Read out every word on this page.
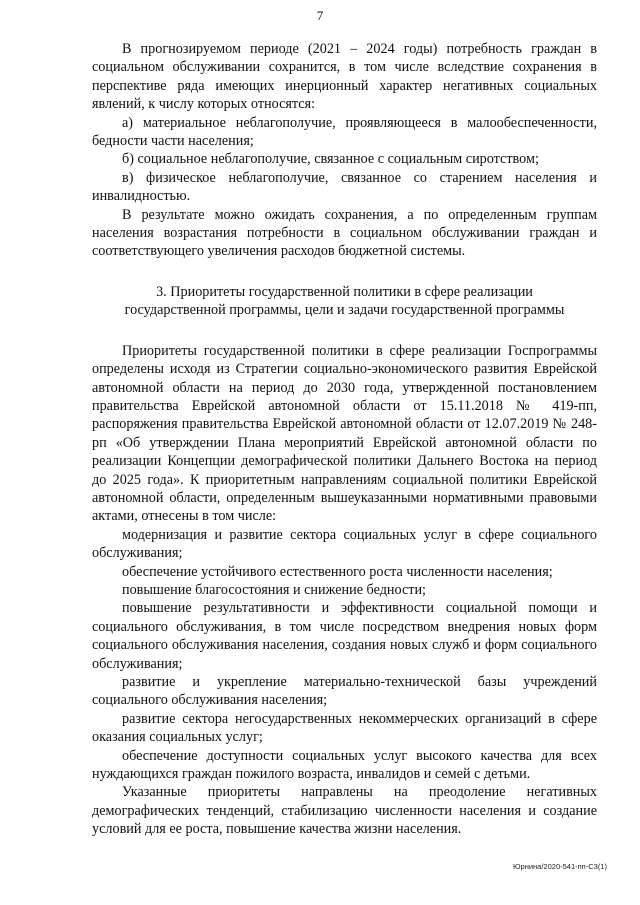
7

В прогнозируемом периоде (2021 – 2024 годы) потребность граждан в социальном обслуживании сохранится, в том числе вследствие сохранения в перспективе ряда имеющих инерционный характер негативных социальных явлений, к числу которых относятся:

а) материальное неблагополучие, проявляющееся в малообеспеченности, бедности части населения;

б) социальное неблагополучие, связанное с социальным сиротством;

в) физическое неблагополучие, связанное со старением населения и инвалидностью.

В результате можно ожидать сохранения, а по определенным группам населения возрастания потребности в социальном обслуживании граждан и соответствующего увеличения расходов бюджетной системы.

3. Приоритеты государственной политики в сфере реализации государственной программы, цели и задачи государственной программы

Приоритеты государственной политики в сфере реализации Госпрограммы определены исходя из Стратегии социально-экономического развития Еврейской автономной области на период до 2030 года, утвержденной постановлением правительства Еврейской автономной области от 15.11.2018 № 419-пп, распоряжения правительства Еврейской автономной области от 12.07.2019 № 248-рп «Об утверждении Плана мероприятий Еврейской автономной области по реализации Концепции демографической политики Дальнего Востока на период до 2025 года». К приоритетным направлениям социальной политики Еврейской автономной области, определенным вышеуказанными нормативными правовыми актами, отнесены в том числе:

модернизация и развитие сектора социальных услуг в сфере социального обслуживания;

обеспечение устойчивого естественного роста численности населения;

повышение благосостояния и снижение бедности;

повышение результативности и эффективности социальной помощи и социального обслуживания, в том числе посредством внедрения новых форм социального обслуживания населения, создания новых служб и форм социального обслуживания;

развитие и укрепление материально-технической базы учреждений социального обслуживания населения;

развитие сектора негосударственных некоммерческих организаций в сфере оказания социальных услуг;

обеспечение доступности социальных услуг высокого качества для всех нуждающихся граждан пожилого возраста, инвалидов и семей с детьми.

Указанные приоритеты направлены на преодоление негативных демографических тенденций, стабилизацию численности населения и создание условий для ее роста, повышение качества жизни населения.

Юрнина/2020-541-пп-С3(1)
